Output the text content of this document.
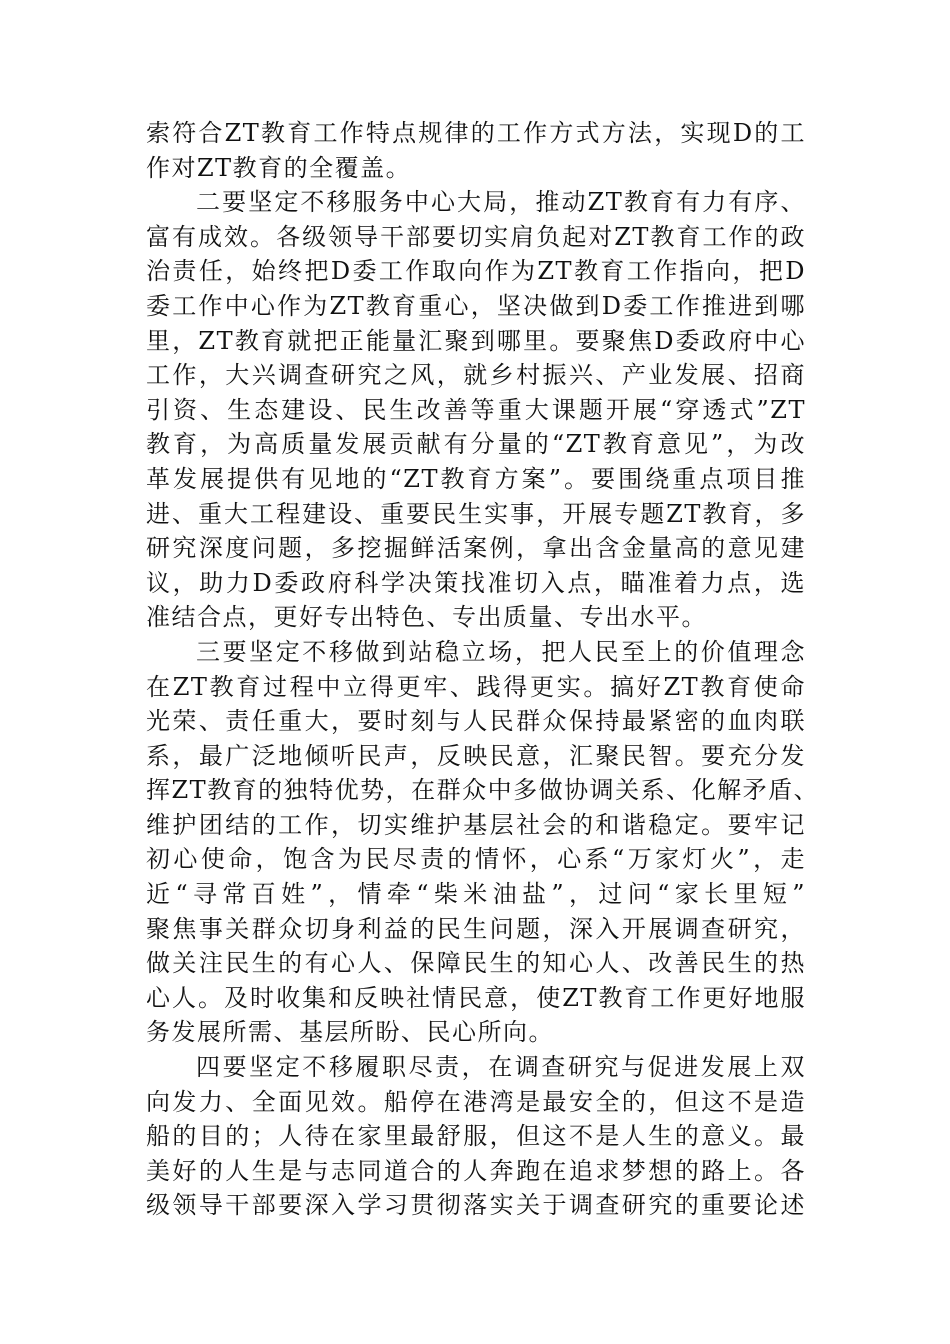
索符合ZT教育工作特点规律的工作方式方法，实现D的工
作对ZT教育的全覆盖。
二要坚定不移服务中心大局，推动ZT教育有力有序、
富有成效。各级领导干部要切实肩负起对ZT教育工作的政
治责任，始终把D委工作取向作为ZT教育工作指向，把D
委工作中心作为ZT教育重心，坚决做到D委工作推进到哪
里，ZT教育就把正能量汇聚到哪里。要聚焦D委政府中心
工作，大兴调查研究之风，就乡村振兴、产业发展、招商
引资、生态建设、民生改善等重大课题开展“穿透式”ZT
教育，为高质量发展贡献有分量的“ZT教育意见”，为改
革发展提供有见地的“ZT教育方案”。要围绕重点项目推
进、重大工程建设、重要民生实事，开展专题ZT教育，多
研究深度问题，多挖掘鲜活案例，拿出含金量高的意见建
议，助力D委政府科学决策找准切入点，瞄准着力点，选
准结合点，更好专出特色、专出质量、专出水平。
三要坚定不移做到站稳立场，把人民至上的价值理念
在ZT教育过程中立得更牢、践得更实。搞好ZT教育使命
光荣、责任重大，要时刻与人民群众保持最紧密的血肉联
系，最广泛地倾听民声，反映民意，汇聚民智。要充分发
挥ZT教育的独特优势，在群众中多做协调关系、化解矛盾、
维护团结的工作，切实维护基层社会的和谐稳定。要牢记
初心使命，饱含为民尽责的情怀，心系“万家灯火”，走
近“寻常百姓”，情牵“柴米油盐”，过问“家长里短”
聚焦事关群众切身利益的民生问题，深入开展调查研究，
做关注民生的有心人、保障民生的知心人、改善民生的热
心人。及时收集和反映社情民意，使ZT教育工作更好地服
务发展所需、基层所盼、民心所向。
四要坚定不移履职尽责，在调查研究与促进发展上双
向发力、全面见效。船停在港湾是最安全的，但这不是造
船的目的；人待在家里最舒服，但这不是人生的意义。最
美好的人生是与志同道合的人奔跑在追求梦想的路上。各
级领导干部要深入学习贯彻落实关于调查研究的重要论述
